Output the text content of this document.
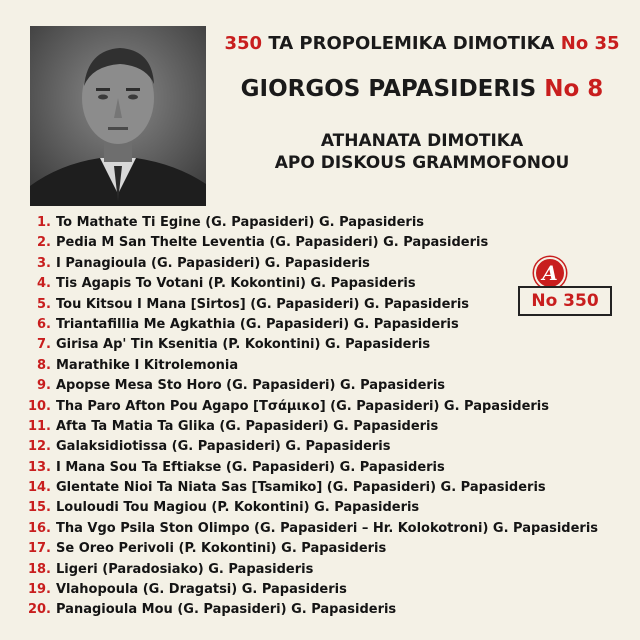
350 TA PROPOLEMIKA DIMOTIKA No 35
GIORGOS PAPASIDERIS No 8
ATHANATA DIMOTIKA
APO DISKOUS GRAMMOFONOU
A
No 350
1. To Mathate Ti Egine (G. Papasideri) G. Papasideris
2. Pedia M San Thelte Leventia (G. Papasideri) G. Papasideris
3. I Panagioula (G. Papasideri) G. Papasideris
4. Tis Agapis To Votani (P. Kokontini) G. Papasideris
5. Tou Kitsou I Mana [Sirtos] (G. Papasideri) G. Papasideris
6. Triantafillia Me Agkathia (G. Papasideri) G. Papasideris
7. Girisa Ap' Tin Ksenitia (P. Kokontini) G. Papasideris
8. Marathike I Kitrolemonia
9. Apopse Mesa Sto Horo (G. Papasideri) G. Papasideris
10. Tha Paro Afton Pou Agapo [Τσάμικο] (G. Papasideri) G. Papasideris
11. Afta Ta Matia Ta Glika (G. Papasideri) G. Papasideris
12. Galaksidiotissa (G. Papasideri) G. Papasideris
13. I Mana Sou Ta Eftiakse (G. Papasideri) G. Papasideris
14. Glentate Nioi Ta Niata Sas [Tsamiko] (G. Papasideri) G. Papasideris
15. Louloudi Tou Magiou (P. Kokontini) G. Papasideris
16. Tha Vgo Psila Ston Olimpo (G. Papasideri – Hr. Kolokotroni) G. Papasideris
17. Se Oreo Perivoli (P. Kokontini) G. Papasideris
18. Ligeri (Paradosiako) G. Papasideris
19. Vlahopoula (G. Dragatsi) G. Papasideris
20. Panagioula Mou (G. Papasideri) G. Papasideris
